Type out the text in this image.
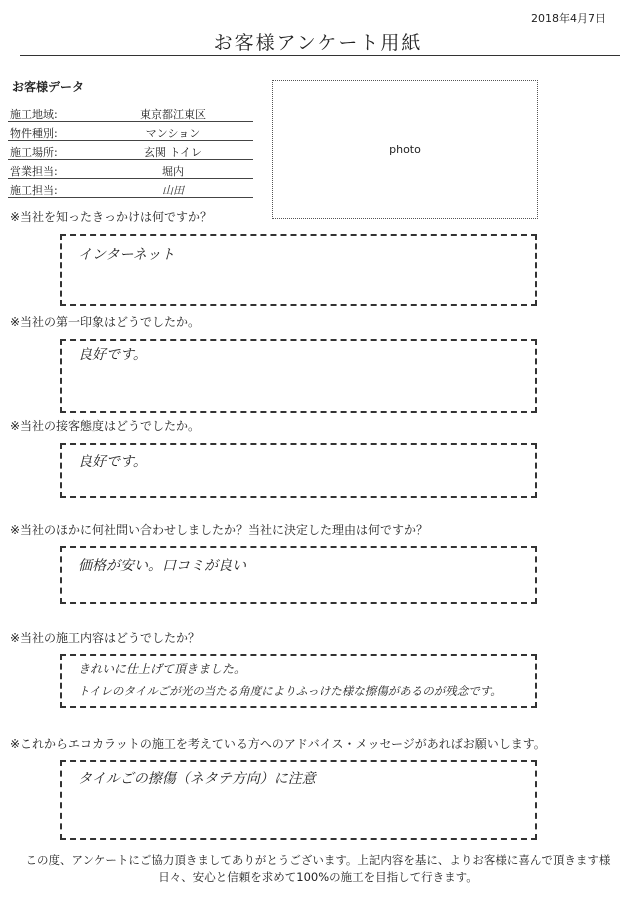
2018年4月7日
お客様アンケート用紙
お客様データ
施工地域:	東京都江東区
物件種別:	マンション
施工場所:	玄関 トイレ
営業担当:	堀内
施工担当:	山田
photo
※当社を知ったきっかけは何ですか？
インターネット
※当社の第一印象はどうでしたか。
良好です。
※当社の接客態度はどうでしたか。
良好です。
※当社のほかに何社問い合わせしましたか？当社に決定した理由は何ですか？
価格が安い。口コミが良い
※当社の施工内容はどうでしたか？
きれいに仕上げて頂きました。
トイレのタイルごが光の当たる角度によりふっけた様な擦傷があるのが残念です。
※これからエコカラットの施工を考えている方へのアドバイス・メッセージがあればお願いします。
タイルごの擦傷（ネタテ方向）に注意
この度、アンケートにご協力頂きましてありがとうございます。上記内容を基に、よりお客様に喜んで頂きます様
日々、安心と信頼を求めて100%の施工を目指して行きます。
